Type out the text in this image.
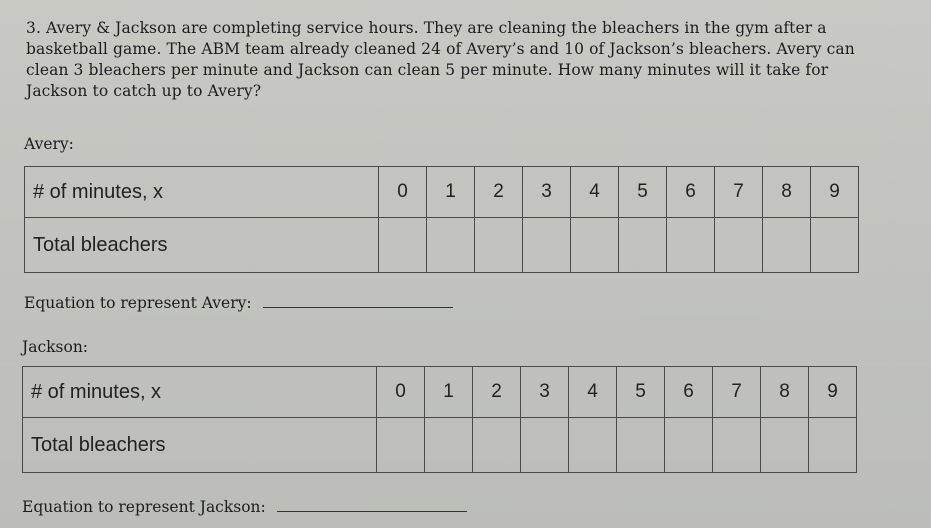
3. Avery & Jackson are completing service hours. They are cleaning the bleachers in the gym after a basketball game. The ABM team already cleaned 24 of Avery’s and 10 of Jackson’s bleachers. Avery can clean 3 bleachers per minute and Jackson can clean 5 per minute. How many minutes will it take for Jackson to catch up to Avery?
Avery:
# of minutes, x	0	1	2	3	4	5	6	7	8	9
Total bleachers										
Equation to represent Avery:
Jackson:
# of minutes, x	0	1	2	3	4	5	6	7	8	9
Total bleachers										
Equation to represent Jackson:
